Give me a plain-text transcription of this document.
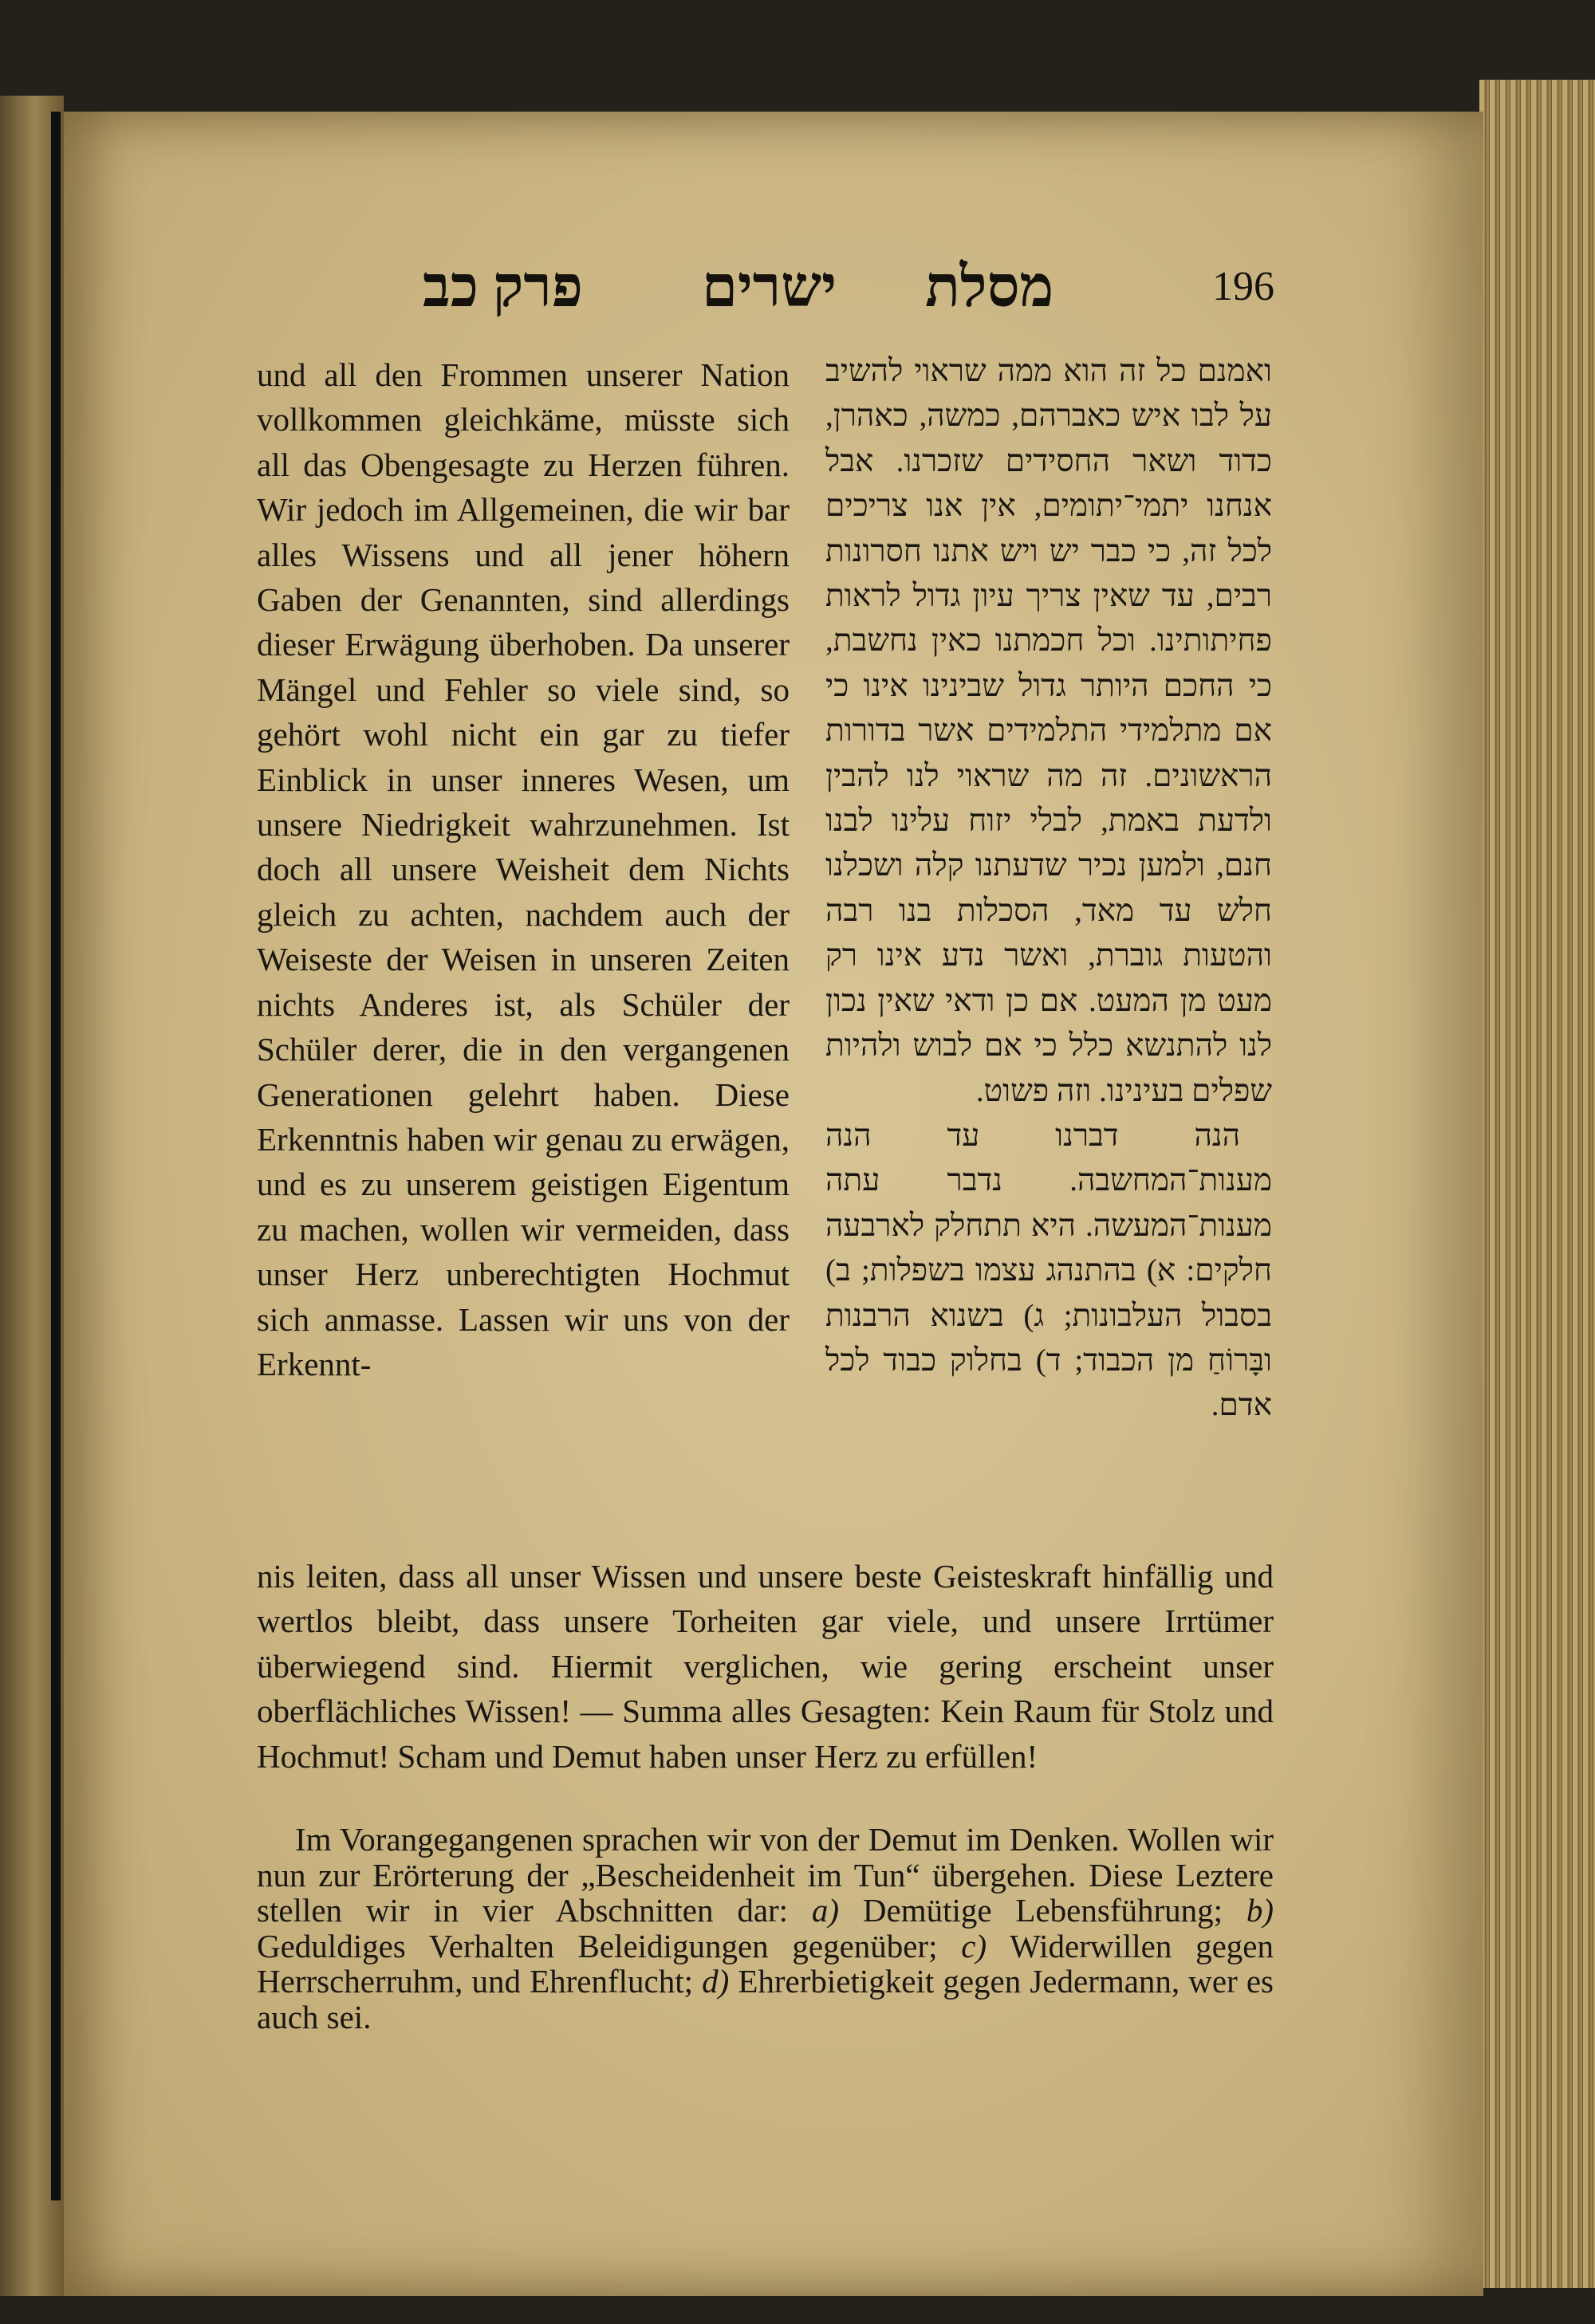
196
מסלת
ישרים
פרק כב

und all den Frommen unserer Nation vollkommen gleichkäme, müsste sich all das Obengesagte zu Herzen führen. Wir jedoch im Allgemeinen, die wir bar alles Wissens und all jener höhern Gaben der Genannten, sind allerdings dieser Erwägung überhoben. Da unserer Mängel und Fehler so viele sind, so gehört wohl nicht ein gar zu tiefer Einblick in unser inneres Wesen, um unsere Niedrigkeit wahrzunehmen. Ist doch all unsere Weisheit dem Nichts gleich zu achten, nachdem auch der Weiseste der Weisen in unseren Zeiten nichts Anderes ist, als Schüler der Schüler derer, die in den vergangenen Generationen gelehrt haben. Diese Erkenntnis haben wir genau zu erwägen, und es zu unserem geistigen Eigentum zu machen, wollen wir vermeiden, dass unser Herz unberechtigten Hochmut sich anmasse. Lassen wir uns von der Erkennt-

ואמנם כל זה הוא ממה שראוי להשיב על לבו איש כאברהם, כמשה, כאהרן, כדוד ושאר החסידים שזכרנו. אבל אנחנו יתמי־יתומים, אין אנו צריכים לכל זה, כי כבר יש ויש אתנו חסרונות רבים, עד שאין צריך עיון גדול לראות פחיתותינו. וכל חכמתנו כאין נחשבת, כי החכם היותר גדול שבינינו אינו כי אם מתלמידי התלמידים אשר בדורות הראשונים. זה מה שראוי לנו להבין ולדעת באמת, לבלי יזוח עלינו לבנו חנם, ולמען נכיר שדעתנו קלה ושכלנו חלש עד מאד, הסכלות בנו רבה והטעות גוברת, ואשר נדע אינו רק מעט מן המעט. אם כן ודאי שאין נכון לנו להתנשא כלל כי אם לבוש ולהיות שפלים בעינינו. וזה פשוט.

הנה דברנו עד הנה מענות־המחשבה. נדבר עתה מענות־המעשה. היא תתחלק לארבעה חלקים: א) בהתנהג עצמו בשפלות; ב) בסבול העלבונות; ג) בשנוא הרבנות ובָּרוֹחַ מן הכבוד; ד) בחלוק כבוד לכל אדם.

nis leiten, dass all unser Wissen und unsere beste Geisteskraft hinfällig und wertlos bleibt, dass unsere Torheiten gar viele, und unsere Irrtümer überwiegend sind. Hiermit verglichen, wie gering erscheint unser oberflächliches Wissen! — Summa alles Gesagten: Kein Raum für Stolz und Hochmut! Scham und Demut haben unser Herz zu erfüllen!

Im Vorangegangenen sprachen wir von der Demut im Denken. Wollen wir nun zur Erörterung der „Bescheidenheit im Tun“ übergehen. Diese Leztere stellen wir in vier Abschnitten dar: a) Demütige Lebensführung; b) Geduldiges Verhalten Beleidigungen gegenüber; c) Widerwillen gegen Herrscherruhm, und Ehrenflucht; d) Ehrerbietigkeit gegen Jedermann, wer es auch sei.
